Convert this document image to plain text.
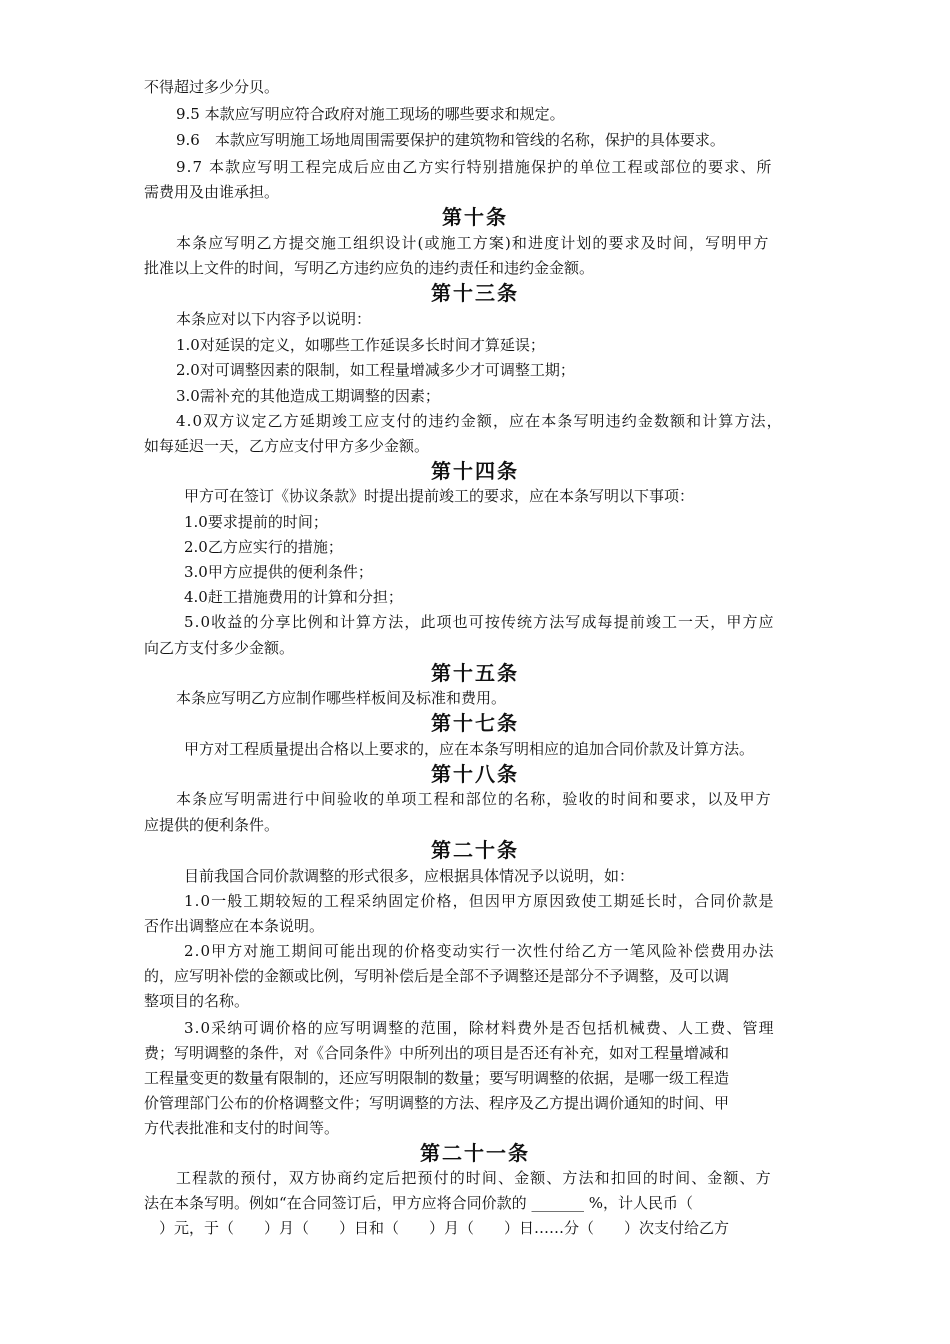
不得超过多少分贝。
9.5 本款应写明应符合政府对施工现场的哪些要求和规定。
9.6　本款应写明施工场地周围需要保护的建筑物和管线的名称，保护的具体要求。
9.7 本款应写明工程完成后应由乙方实行特别措施保护的单位工程或部位的要求、所
需费用及由谁承担。
第十条
本条应写明乙方提交施工组织设计(或施工方案)和进度计划的要求及时间，写明甲方
批准以上文件的时间，写明乙方违约应负的违约责任和违约金金额。
第十三条
本条应对以下内容予以说明：
1.0对延误的定义，如哪些工作延误多长时间才算延误；
2.0对可调整因素的限制，如工程量增减多少才可调整工期；
3.0需补充的其他造成工期调整的因素；
4.0双方议定乙方延期竣工应支付的违约金额，应在本条写明违约金数额和计算方法，
如每延迟一天，乙方应支付甲方多少金额。
第十四条
甲方可在签订《协议条款》时提出提前竣工的要求，应在本条写明以下事项：
1.0要求提前的时间；
2.0乙方应实行的措施；
3.0甲方应提供的便利条件；
4.0赶工措施费用的计算和分担；
5.0收益的分享比例和计算方法，此项也可按传统方法写成每提前竣工一天，甲方应
向乙方支付多少金额。
第十五条
本条应写明乙方应制作哪些样板间及标准和费用。
第十七条
甲方对工程质量提出合格以上要求的，应在本条写明相应的追加合同价款及计算方法。
第十八条
本条应写明需进行中间验收的单项工程和部位的名称，验收的时间和要求，以及甲方
应提供的便利条件。
第二十条
目前我国合同价款调整的形式很多，应根据具体情况予以说明，如：
1.0一般工期较短的工程采纳固定价格，但因甲方原因致使工期延长时，合同价款是
否作出调整应在本条说明。
2.0甲方对施工期间可能出现的价格变动实行一次性付给乙方一笔风险补偿费用办法
的，应写明补偿的金额或比例，写明补偿后是全部不予调整还是部分不予调整，及可以调
整项目的名称。
3.0采纳可调价格的应写明调整的范围，除材料费外是否包括机械费、人工费、管理
费；写明调整的条件，对《合同条件》中所列出的项目是否还有补充，如对工程量增减和
工程量变更的数量有限制的，还应写明限制的数量；要写明调整的依据，是哪一级工程造
价管理部门公布的价格调整文件；写明调整的方法、程序及乙方提出调价通知的时间、甲
方代表批准和支付的时间等。
第二十一条
工程款的预付，双方协商约定后把预付的时间、金额、方法和扣回的时间、金额、方
法在本条写明。例如“在合同签订后，甲方应将合同价款的 _______ %，计人民币（
　）元，于（　　）月（　　）日和（　　）月（　　）日……分（　　）次支付给乙方
